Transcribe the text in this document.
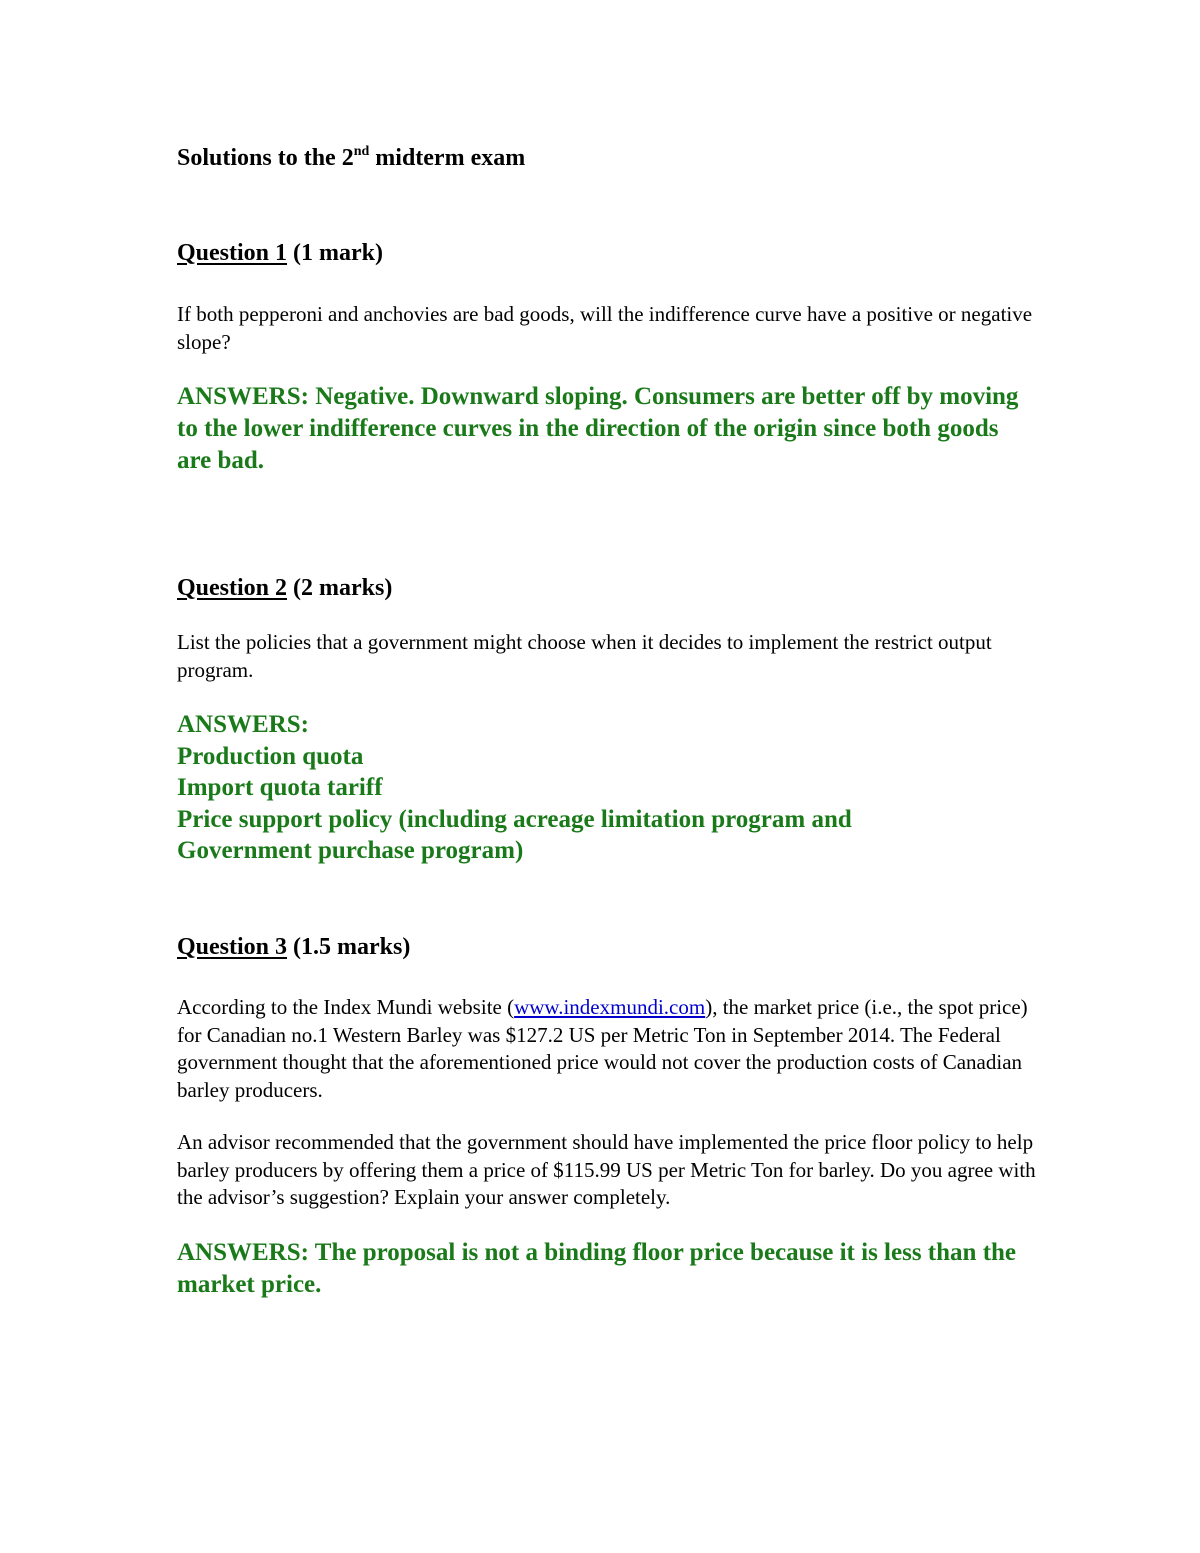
Solutions to the 2nd midterm exam
Question 1 (1 mark)

If both pepperoni and anchovies are bad goods, will the indifference curve have a positive or negative slope?

ANSWERS: Negative. Downward sloping. Consumers are better off by moving to the lower indifference curves in the direction of the origin since both goods are bad.

Question 2 (2 marks)

List the policies that a government might choose when it decides to implement the restrict output program.

ANSWERS:
Production quota
Import quota tariff
Price support policy (including acreage limitation program and Government purchase program)
Question 3 (1.5 marks)

According to the Index Mundi website (www.indexmundi.com), the market price (i.e., the spot price) for Canadian no.1 Western Barley was $127.2 US per Metric Ton in September 2014. The Federal government thought that the aforementioned price would not cover the production costs of Canadian barley producers.

An advisor recommended that the government should have implemented the price floor policy to help barley producers by offering them a price of $115.99 US per Metric Ton for barley. Do you agree with the advisor’s suggestion? Explain your answer completely.

ANSWERS: The proposal is not a binding floor price because it is less than the market price.
